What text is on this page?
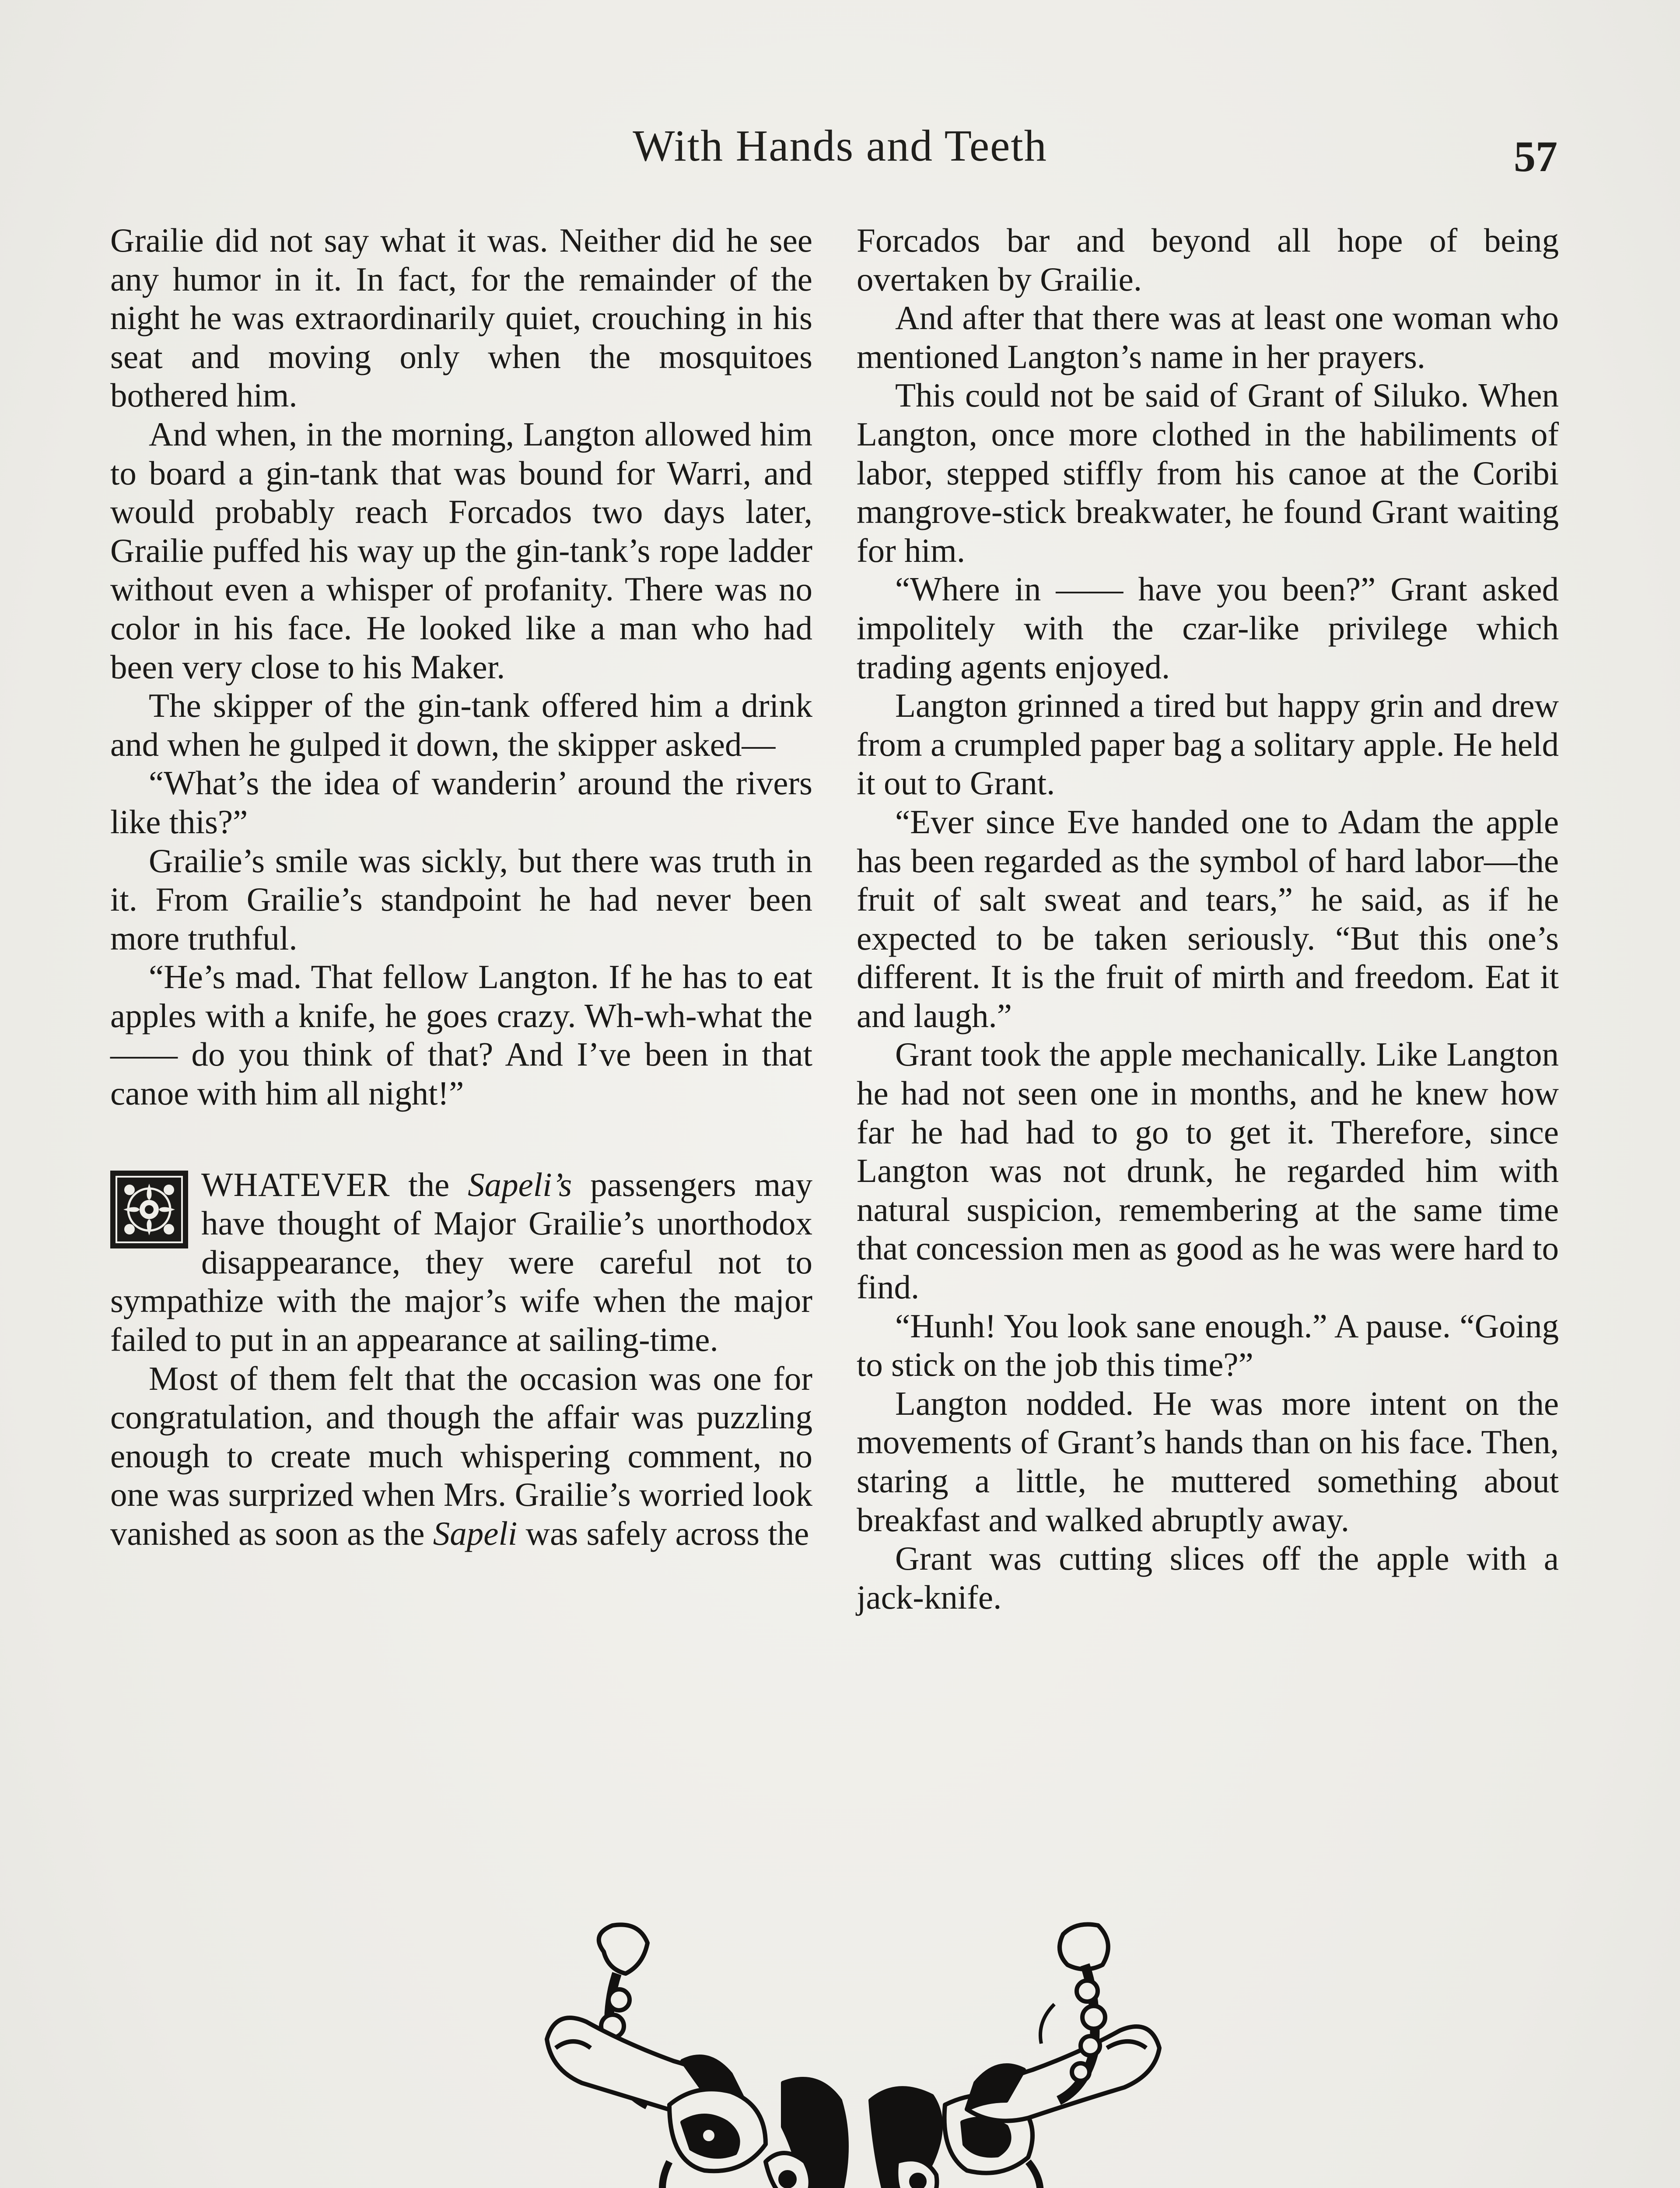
With Hands and Teeth	57

Grailie did not say what it was. Neither did he see any humor in it. In fact, for the remainder of the night he was extraordinarily quiet, crouching in his seat and moving only when the mosquitoes bothered him.

And when, in the morning, Langton allowed him to board a gin-tank that was bound for Warri, and would probably reach Forcados two days later, Grailie puffed his way up the gin-tank’s rope ladder without even a whisper of profanity. There was no color in his face. He looked like a man who had been very close to his Maker.

The skipper of the gin-tank offered him a drink and when he gulped it down, the skipper asked—

“What’s the idea of wanderin’ around the rivers like this?”

Grailie’s smile was sickly, but there was truth in it. From Grailie’s standpoint he had never been more truthful.

“He’s mad. That fellow Langton. If he has to eat apples with a knife, he goes crazy. Wh-wh-what the —— do you think of that? And I’ve been in that canoe with him all night!”

WHATEVER the Sapeli’s passengers may have thought of Major Grailie’s unorthodox disappearance, they were careful not to sympathize with the major’s wife when the major failed to put in an appearance at sailing-time.

Most of them felt that the occasion was one for congratulation, and though the affair was puzzling enough to create much whispering comment, no one was surprized when Mrs. Grailie’s worried look vanished as soon as the Sapeli was safely across the

Forcados bar and beyond all hope of being overtaken by Grailie.

And after that there was at least one woman who mentioned Langton’s name in her prayers.

This could not be said of Grant of Siluko. When Langton, once more clothed in the habiliments of labor, stepped stiffly from his canoe at the Coribi mangrove-stick breakwater, he found Grant waiting for him.

“Where in —— have you been?” Grant asked impolitely with the czar-like privilege which trading agents enjoyed.

Langton grinned a tired but happy grin and drew from a crumpled paper bag a solitary apple. He held it out to Grant.

“Ever since Eve handed one to Adam the apple has been regarded as the symbol of hard labor—the fruit of salt sweat and tears,” he said, as if he expected to be taken seriously. “But this one’s different. It is the fruit of mirth and freedom. Eat it and laugh.”

Grant took the apple mechanically. Like Langton he had not seen one in months, and he knew how far he had had to go to get it. Therefore, since Langton was not drunk, he regarded him with natural suspicion, remembering at the same time that concession men as good as he was were hard to find.

“Hunh! You look sane enough.” A pause. “Going to stick on the job this time?”

Langton nodded. He was more intent on the movements of Grant’s hands than on his face. Then, staring a little, he muttered something about breakfast and walked abruptly away.

Grant was cutting slices off the apple with a jack-knife.
